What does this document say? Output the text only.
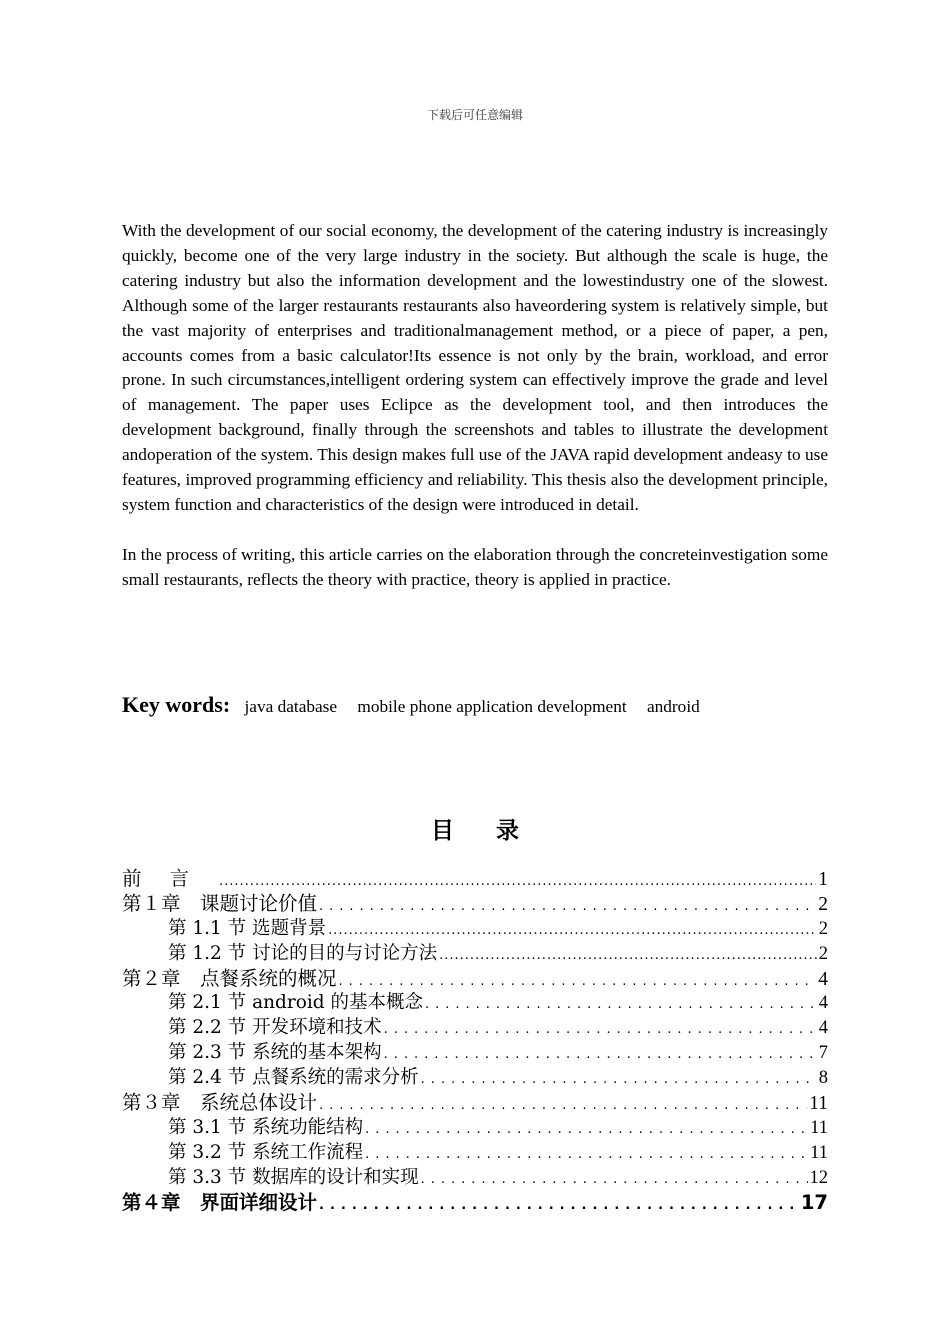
下载后可任意编辑

With the development of our social economy, the development of the catering industry is increasingly quickly, become one of the very large industry in the society. But although the scale is huge, the catering industry but also the information development and the lowestindustry one of the slowest. Although some of the larger restaurants restaurants also haveordering system is relatively simple, but the vast majority of enterprises and traditionalmanagement method, or a piece of paper, a pen, accounts comes from a basic calculator!Its essence is not only by the brain, workload, and error prone. In such circumstances,intelligent ordering system can effectively improve the grade and level of management. The paper uses Eclipce as the development tool, and then introduces the development background, finally through the screenshots and tables to illustrate the development andoperation of the system. This design makes full use of the JAVA rapid development andeasy to use features, improved programming efficiency and reliability. This thesis also the development principle, system function and characteristics of the design were introduced in detail.

In the process of writing, this article carries on the elaboration through the concreteinvestigation some small restaurants, reflects the theory with practice, theory is applied in practice.

Key words: java database mobile phone application development android
目录
前言 .....	1
第１章　课题讨论价值 .....	2
第 1.1 节 选题背景 .....	2
第 1.2 节 讨论的目的与讨论方法 .....	2
第２章　点餐系统的概况 .....	4
第 2.1 节 android 的基本概念 .....	4
第 2.2 节 开发环境和技术 .....	4
第 2.3 节 系统的基本架构 .....	7
第 2.4 节 点餐系统的需求分析 .....	8
第３章　系统总体设计 .....	11
第 3.1 节 系统功能结构 .....	11
第 3.2 节 系统工作流程 .....	11
第 3.3 节 数据库的设计和实现 .....	12
第４章　界面详细设计 .....	17
